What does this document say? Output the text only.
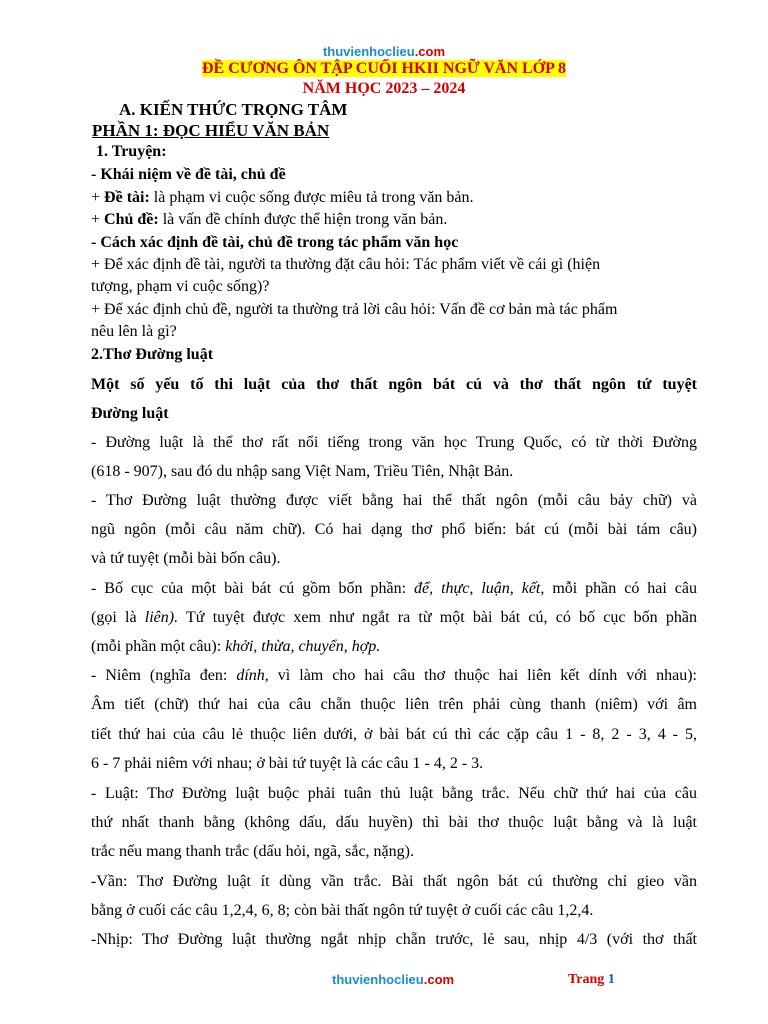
thuvienhoclieu.com
ĐỀ CƯƠNG ÔN TẬP CUỐI HKII NGỮ VĂN LỚP 8
NĂM HỌC 2023 – 2024
A. KIẾN THỨC TRỌNG TÂM
PHẦN 1: ĐỌC HIỂU VĂN BẢN
1. Truyện:
- Khái niệm về đề tài, chủ đề
+ Đề tài: là phạm vi cuộc sống được miêu tả trong văn bản.
+ Chủ đề: là vấn đề chính được thể hiện trong văn bản.
- Cách xác định đề tài, chủ đề trong tác phẩm văn học
+ Để xác định đề tài, người ta thường đặt câu hỏi: Tác phẩm viết về cái gì (hiện
tượng, phạm vi cuộc sống)?
+ Để xác định chủ đề, người ta thường trả lời câu hỏi: Vấn đề cơ bản mà tác phẩm
nêu lên là gì?
2.Thơ Đường luật
Một số yếu tố thi luật của thơ thất ngôn bát cú và thơ thất ngôn tứ tuyệt
Đường luật
- Đường luật là thể thơ rất nổi tiếng trong văn học Trung Quốc, có từ thời Đường
(618 - 907), sau đó du nhập sang Việt Nam, Triều Tiên, Nhật Bản.
- Thơ Đường luật thường được viết bằng hai thể thất ngôn (mỗi câu bảy chữ) và
ngũ ngôn (mỗi câu năm chữ). Có hai dạng thơ phổ biến: bát cú (mỗi bài tám câu)
và tứ tuyệt (mỗi bài bốn câu).
- Bố cục của một bài bát cú gồm bốn phần: để, thực, luận, kết, mỗi phần có hai câu
(gọi là liên). Tứ tuyệt được xem như ngắt ra từ một bài bát cú, có bố cục bốn phần
(mỗi phần một câu): khởi, thừa, chuyển, hợp.
- Niêm (nghĩa đen: dính, vì làm cho hai câu thơ thuộc hai liên kết dính với nhau):
Âm tiết (chữ) thứ hai của câu chẵn thuộc liên trên phải cùng thanh (niêm) với âm
tiết thứ hai của câu lẻ thuộc liên dưới, ở bài bát cú thì các cặp câu 1 - 8, 2 - 3, 4 - 5,
6 - 7 phải niêm với nhau; ở bài tứ tuyệt là các câu 1 - 4, 2 - 3.
- Luật: Thơ Đường luật buộc phải tuân thủ luật bằng trắc. Nếu chữ thứ hai của câu
thứ nhất thanh bằng (không dấu, dấu huyền) thì bài thơ thuộc luật bằng và là luật
trắc nếu mang thanh trắc (dấu hỏi, ngã, sắc, nặng).
-Vần: Thơ Đường luật ít dùng vần trắc. Bài thất ngôn bát cú thường chỉ gieo vần
bằng ở cuối các câu 1,2,4, 6, 8; còn bài thất ngôn tứ tuyệt ở cuối các câu 1,2,4.
-Nhịp: Thơ Đường luật thường ngắt nhịp chẵn trước, lẻ sau, nhịp 4/3 (với thơ thất
thuvienhoclieu.com	Trang 1
